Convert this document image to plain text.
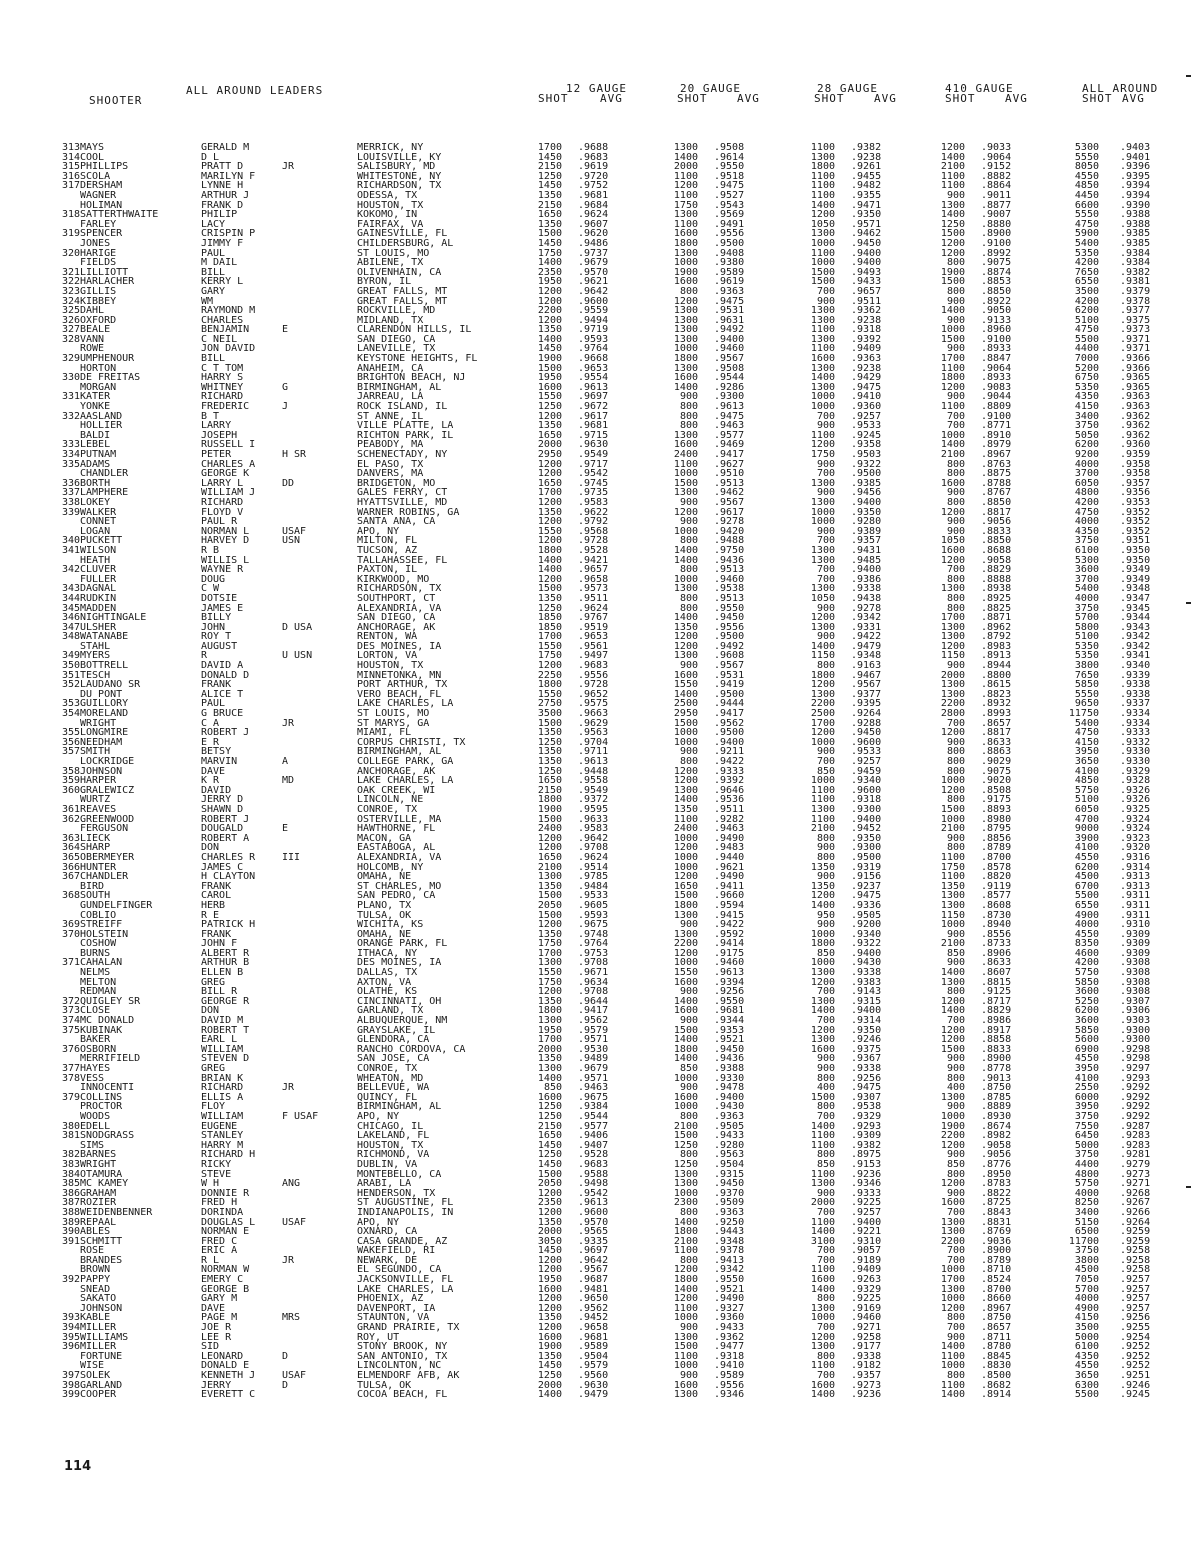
ALL AROUND LEADERS
SHOOTER
12 GAUGE
SHOT	AVG
20 GAUGE
SHOT	AVG
28 GAUGE
SHOT	AVG
410 GAUGE
SHOT	AVG
ALL AROUND
SHOT AVG
313 MAYS	GERALD M	MERRICK, NY	1700 .9688	1300 .9508	1100 .9382	1200 .9033	5300 .9403
314 COOL	D L	LOUISVILLE, KY	1450 .9683	1400 .9614	1300 .9238	1400 .9064	5550 .9401
315 PHILLIPS	PRATT D	JR	SALISBURY, MD	2150 .9619	2000 .9550	1800 .9261	2100 .9152	8050 .9396
316 SCOLA	MARILYN F	WHITESTONE, NY	1250 .9720	1100 .9518	1100 .9455	1100 .8882	4550 .9395
317 DERSHAM	LYNNE H	RICHARDSON, TX	1450 .9752	1200 .9475	1100 .9482	1100 .8864	4850 .9394
WAGNER	ARTHUR J	ODESSA, TX	1350 .9681	1100 .9527	1100 .9355	900 .9011	4450 .9394
HOLIMAN	FRANK D	HOUSTON, TX	2150 .9684	1750 .9543	1400 .9471	1300 .8877	6600 .9390
318 SATTERTHWAITE	PHILIP	KOKOMO, IN	1650 .9624	1300 .9569	1200 .9350	1400 .9007	5550 .9388
FARLEY	LACY	FAIRFAX, VA	1350 .9607	1100 .9491	1050 .9571	1250 .8880	4750 .9388
319 SPENCER	CRISPIN P	GAINESVILLE, FL	1500 .9620	1600 .9556	1300 .9462	1500 .8900	5900 .9385
JONES	JIMMY F	CHILDERSBURG, AL	1450 .9486	1800 .9500	1000 .9450	1200 .9100	5400 .9385
320 HARIGE	PAUL	ST LOUIS, MO	1750 .9737	1300 .9408	1100 .9400	1200 .8992	5350 .9384
FIELDS	M DAIL	ABILENE, TX	1400 .9679	1000 .9380	1000 .9400	800 .9075	4200 .9384
321 LILLIOTT	BILL	OLIVENHAIN, CA	2350 .9570	1900 .9589	1500 .9493	1900 .8874	7650 .9382
322 HARLACHER	KERRY L	BYRON, IL	1950 .9621	1600 .9619	1500 .9433	1500 .8853	6550 .9381
323 GILLIS	GARY	GREAT FALLS, MT	1200 .9642	800 .9363	700 .9657	800 .8850	3500 .9379
324 KIBBEY	WM	GREAT FALLS, MT	1200 .9600	1200 .9475	900 .9511	900 .8922	4200 .9378
325 DAHL	RAYMOND M	ROCKVILLE, MD	2200 .9559	1300 .9531	1300 .9362	1400 .9050	6200 .9377
326 OXFORD	CHARLES	MIDLAND, TX	1200 .9494	1300 .9631	1300 .9238	900 .9133	5100 .9375
327 BEALE	BENJAMIN	E	CLARENDON HILLS, IL	1350 .9719	1300 .9492	1100 .9318	1000 .8960	4750 .9373
328 VANN	C NEIL	SAN DIEGO, CA	1400 .9593	1300 .9400	1300 .9392	1500 .9100	5500 .9371
ROWE	JON DAVID	LANEVILLE, TX	1450 .9764	1000 .9460	1100 .9409	900 .8933	4400 .9371
329 UMPHENOUR	BILL	KEYSTONE HEIGHTS, FL	1900 .9668	1800 .9567	1600 .9363	1700 .8847	7000 .9366
HORTON	C T TOM	ANAHEIM, CA	1500 .9653	1300 .9508	1300 .9238	1100 .9064	5200 .9366
330 DE FREITAS	HARRY S	BRIGHTON BEACH, NJ	1950 .9554	1600 .9544	1400 .9429	1800 .8933	6750 .9365
MORGAN	WHITNEY	G	BIRMINGHAM, AL	1600 .9613	1400 .9286	1300 .9475	1200 .9083	5350 .9365
331 KATER	RICHARD	JARREAU, LA	1550 .9697	900 .9300	1000 .9410	900 .9044	4350 .9363
YONKE	FREDERIC	J	ROCK ISLAND, IL	1250 .9672	800 .9613	1000 .9360	1100 .8809	4150 .9363
332 AASLAND	B T	ST ANNE, IL	1200 .9617	800 .9475	700 .9257	700 .9100	3400 .9362
HOLLIER	LARRY	VILLE PLATTE, LA	1350 .9681	800 .9463	900 .9533	700 .8771	3750 .9362
BALDI	JOSEPH	RICHTON PARK, IL	1650 .9715	1300 .9577	1100 .9245	1000 .8910	5050 .9362
333 LEBEL	RUSSELL I	PEABODY, MA	2000 .9630	1600 .9469	1200 .9358	1400 .8979	6200 .9360
334 PUTNAM	PETER	H SR	SCHENECTADY, NY	2950 .9549	2400 .9417	1750 .9503	2100 .8967	9200 .9359
335 ADAMS	CHARLES A	EL PASO, TX	1200 .9717	1100 .9627	900 .9322	800 .8763	4000 .9358
CHANDLER	GEORGE K	DANVERS, MA	1200 .9542	1000 .9510	700 .9500	800 .8875	3700 .9358
336 BORTH	LARRY L	DD	BRIDGETON, MO	1650 .9745	1500 .9513	1300 .9385	1600 .8788	6050 .9357
337 LAMPHERE	WILLIAM J	GALES FERRY, CT	1700 .9735	1300 .9462	900 .9456	900 .8767	4800 .9356
338 LOKEY	RICHARD	HYATTSVILLE, MD	1200 .9583	900 .9567	1300 .9400	800 .8850	4200 .9353
339 WALKER	FLOYD V	WARNER ROBINS, GA	1350 .9622	1200 .9617	1000 .9350	1200 .8817	4750 .9352
CONNET	PAUL R	SANTA ANA, CA	1200 .9792	900 .9278	1000 .9280	900 .9056	4000 .9352
LOGAN	NORMAN L	USAF	APO, NY	1550 .9568	1000 .9420	900 .9389	900 .8833	4350 .9352
340 PUCKETT	HARVEY D	USN	MILTON, FL	1200 .9728	800 .9488	700 .9357	1050 .8850	3750 .9351
341 WILSON	R B	TUCSON, AZ	1800 .9528	1400 .9750	1300 .9431	1600 .8688	6100 .9350
HEATH	WILLIS L	TALLAHASSEE, FL	1400 .9421	1400 .9436	1300 .9485	1200 .9058	5300 .9350
342 CLUVER	WAYNE R	PAXTON, IL	1400 .9657	800 .9513	700 .9400	700 .8829	3600 .9349
FULLER	DOUG	KIRKWOOD, MO	1200 .9658	1000 .9460	700 .9386	800 .8888	3700 .9349
343 DAGNAL	C W	RICHARDSON, TX	1500 .9573	1300 .9538	1300 .9338	1300 .8938	5400 .9348
344 RUDKIN	DOTSIE	SOUTHPORT, CT	1350 .9511	800 .9513	1050 .9438	800 .8925	4000 .9347
345 MADDEN	JAMES E	ALEXANDRIA, VA	1250 .9624	800 .9550	900 .9278	800 .8825	3750 .9345
346 NIGHTINGALE	BILLY	SAN DIEGO, CA	1850 .9767	1400 .9450	1200 .9342	1700 .8871	5700 .9344
347 ULSHER	JOHN	D USA	ANCHORAGE, AK	1850 .9519	1350 .9556	1300 .9331	1300 .8962	5800 .9343
348 WATANABE	ROY T	RENTON, WA	1700 .9653	1200 .9500	900 .9422	1300 .8792	5100 .9342
STAHL	AUGUST	DES MOINES, IA	1550 .9561	1200 .9492	1400 .9479	1200 .8983	5350 .9342
349 MYERS	R	U USN	LORTON, VA	1750 .9497	1300 .9608	1150 .9348	1150 .8913	5350 .9341
350 BOTTRELL	DAVID A	HOUSTON, TX	1200 .9683	900 .9567	800 .9163	900 .8944	3800 .9340
351 TESCH	DONALD D	MINNETONKA, MN	2250 .9556	1600 .9531	1800 .9467	2000 .8800	7650 .9339
352 LAUDANO SR	FRANK	PORT ARTHUR, TX	1800 .9728	1550 .9419	1200 .9567	1300 .8615	5850 .9338
DU PONT	ALICE T	VERO BEACH, FL	1550 .9652	1400 .9500	1300 .9377	1300 .8823	5550 .9338
353 GUILLORY	PAUL	LAKE CHARLES, LA	2750 .9575	2500 .9444	2200 .9395	2200 .8932	9650 .9337
354 MORELAND	G BRUCE	ST LOUIS, MO	3500 .9663	2950 .9417	2500 .9264	2800 .8993	11750 .9334
WRIGHT	C A	JR	ST MARYS, GA	1500 .9629	1500 .9562	1700 .9288	700 .8657	5400 .9334
355 LONGMIRE	ROBERT J	MIAMI, FL	1350 .9563	1000 .9500	1200 .9450	1200 .8817	4750 .9333
356 NEEDHAM	E R	CORPUS CHRISTI, TX	1250 .9704	1000 .9400	1000 .9600	900 .8633	4150 .9332
357 SMITH	BETSY	BIRMINGHAM, AL	1350 .9711	900 .9211	900 .9533	800 .8863	3950 .9330
LOCKRIDGE	MARVIN	A	COLLEGE PARK, GA	1350 .9613	800 .9422	700 .9257	800 .9029	3650 .9330
358 JOHNSON	DAVE	ANCHORAGE, AK	1250 .9448	1200 .9333	850 .9459	800 .9075	4100 .9329
359 HARPER	K R	MD	LAKE CHARLES, LA	1650 .9558	1200 .9392	1000 .9340	1000 .9020	4850 .9328
360 GRALEWICZ	DAVID	OAK CREEK, WI	2150 .9549	1300 .9646	1100 .9600	1200 .8508	5750 .9326
WURTZ	JERRY D	LINCOLN, NE	1800 .9372	1400 .9536	1100 .9318	800 .9175	5100 .9326
361 REAVES	SHAWN D	CONROE, TX	1900 .9595	1350 .9511	1300 .9300	1500 .8893	6050 .9325
362 GREENWOOD	ROBERT J	OSTERVILLE, MA	1500 .9633	1100 .9282	1100 .9400	1000 .8980	4700 .9324
FERGUSON	DOUGALD	E	HAWTHORNE, FL	2400 .9583	2400 .9463	2100 .9452	2100 .8795	9000 .9324
363 LIECK	ROBERT A	MACON, GA	1200 .9642	1000 .9490	800 .9350	900 .8856	3900 .9323
364 SHARP	DON	EASTABOGA, AL	1200 .9708	1200 .9483	900 .9300	800 .8789	4100 .9320
365 OBERMEYER	CHARLES R	III	ALEXANDRIA, VA	1650 .9624	1000 .9440	800 .9500	1100 .8700	4550 .9316
366 HUNTER	JAMES C	HOLCOMB, NY	2100 .9514	1000 .9621	1350 .9319	1750 .8578	6200 .9314
367 CHANDLER	H CLAYTON	OMAHA, NE	1300 .9785	1200 .9490	900 .9156	1100 .8820	4500 .9313
BIRD	FRANK	ST CHARLES, MO	1350 .9484	1650 .9411	1350 .9237	1350 .9119	6700 .9313
368 SOUTH	CAROL	SAN PEDRO, CA	1500 .9533	1500 .9660	1200 .9475	1300 .8577	5500 .9311
GUNDELFINGER	HERB	PLANO, TX	2050 .9605	1800 .9594	1400 .9336	1300 .8608	6550 .9311
COBLIO	R E	TULSA, OK	1500 .9593	1300 .9415	950 .9505	1150 .8730	4900 .9311
369 STREIFF	PATRICK H	WICHITA, KS	1200 .9675	900 .9422	900 .9200	1000 .8940	4000 .9310
370 HOLSTEIN	FRANK	OMAHA, NE	1350 .9748	1300 .9592	1000 .9340	900 .8556	4550 .9309
COSHOW	JOHN F	ORANGE PARK, FL	1750 .9764	2200 .9414	1800 .9322	2100 .8733	8350 .9309
BURNS	ALBERT R	ITHACA, NY	1700 .9753	1200 .9175	850 .9400	850 .8906	4600 .9309
371 CAHALAN	ARTHUR B	DES MOINES, IA	1300 .9708	1000 .9460	1000 .9430	900 .8633	4200 .9308
NELMS	ELLEN B	DALLAS, TX	1550 .9671	1550 .9613	1300 .9338	1400 .8607	5750 .9308
MELTON	GREG	AXTON, VA	1750 .9634	1600 .9394	1200 .9383	1300 .8815	5850 .9308
REDMAN	BILL R	OLATHE, KS	1200 .9708	900 .9256	700 .9143	800 .9125	3600 .9308
372 QUIGLEY SR	GEORGE R	CINCINNATI, OH	1350 .9644	1400 .9550	1300 .9315	1200 .8717	5250 .9307
373 CLOSE	DON	GARLAND, TX	1800 .9417	1600 .9681	1400 .9400	1400 .8829	6200 .9306
374 MC DONALD	DAVID M	ALBUQUERQUE, NM	1300 .9562	900 .9344	700 .9314	700 .8986	3600 .9303
375 KUBINAK	ROBERT T	GRAYSLAKE, IL	1950 .9579	1500 .9353	1200 .9350	1200 .8917	5850 .9300
BAKER	EARL L	GLENDORA, CA	1700 .9571	1400 .9521	1300 .9246	1200 .8858	5600 .9300
376 OSBORN	WILLIAM	RANCHO CORDOVA, CA	2000 .9530	1800 .9450	1600 .9375	1500 .8833	6900 .9298
MERRIFIELD	STEVEN D	SAN JOSE, CA	1350 .9489	1400 .9436	900 .9367	900 .8900	4550 .9298
377 HAYES	GREG	CONROE, TX	1300 .9679	850 .9388	900 .9338	900 .8778	3950 .9297
378 VESS	BRIAN K	WHEATON, MD	1400 .9571	1000 .9330	800 .9256	800 .9013	4100 .9293
INNOCENTI	RICHARD	JR	BELLEVUE, WA	850 .9463	900 .9478	400 .9475	400 .8750	2550 .9292
379 COLLINS	ELLIS A	QUINCY, FL	1600 .9675	1600 .9400	1500 .9307	1300 .8785	6000 .9292
PROCTOR	FLOY	BIRMINGHAM, AL	1250 .9384	1000 .9430	800 .9538	900 .8889	3950 .9292
WOODS	WILLIAM	F USAF	APO, NY	1250 .9544	800 .9363	700 .9329	1000 .8930	3750 .9292
380 EDELL	EUGENE	CHICAGO, IL	2150 .9577	2100 .9505	1400 .9293	1900 .8674	7550 .9287
381 SNODGRASS	STANLEY	LAKELAND, FL	1650 .9406	1500 .9433	1100 .9309	2200 .8982	6450 .9283
SIMS	HARRY M	HOUSTON, TX	1450 .9407	1250 .9280	1100 .9382	1200 .9058	5000 .9283
382 BARNES	RICHARD H	RICHMOND, VA	1250 .9528	800 .9563	800 .8975	900 .9056	3750 .9281
383 WRIGHT	RICKY	DUBLIN, VA	1450 .9683	1250 .9504	850 .9153	850 .8776	4400 .9279
384 OTAMURA	STEVE	MONTEBELLO, CA	1500 .9588	1300 .9315	1100 .9236	800 .8950	4800 .9273
385 MC KAMEY	W H	ANG	ARABI, LA	2050 .9498	1300 .9450	1300 .9346	1200 .8783	5750 .9271
386 GRAHAM	DONNIE R	HENDERSON, TX	1200 .9542	1000 .9370	900 .9333	900 .8822	4000 .9268
387 ROZIER	FRED H	ST AUGUSTINE, FL	2350 .9613	2300 .9509	2000 .9225	1600 .8725	8250 .9267
388 WEIDENBENNER	DORINDA	INDIANAPOLIS, IN	1200 .9600	800 .9363	700 .9257	700 .8843	3400 .9266
389 REPAAL	DOUGLAS L	USAF	APO, NY	1350 .9570	1400 .9250	1100 .9400	1300 .8831	5150 .9264
390 ABLES	NORMAN E	OXNARD, CA	2000 .9565	1800 .9443	1400 .9221	1300 .8769	6500 .9259
391 SCHMITT	FRED C	CASA GRANDE, AZ	3050 .9335	2100 .9348	3100 .9310	2200 .9036	11700 .9259
ROSE	ERIC A	WAKEFIELD, RI	1450 .9697	1100 .9378	700 .9057	700 .8900	3750 .9258
BRANDES	R L	JR	NEWARK, DE	1200 .9642	800 .9413	700 .9189	700 .8789	3800 .9258
BROWN	NORMAN W	EL SEGUNDO, CA	1200 .9567	1200 .9342	1100 .9409	1000 .8710	4500 .9258
392 PAPPY	EMERY C	JACKSONVILLE, FL	1950 .9687	1800 .9550	1600 .9263	1700 .8524	7050 .9257
SNEAD	GEORGE B	LAKE CHARLES, LA	1600 .9481	1400 .9521	1400 .9329	1300 .8700	5700 .9257
SAKATO	GARY M	PHOENIX, AZ	1200 .9650	1200 .9490	800 .9225	1000 .8660	4000 .9257
JOHNSON	DAVE	DAVENPORT, IA	1200 .9562	1100 .9327	1300 .9169	1200 .8967	4900 .9257
393 KABLE	PAGE M	MRS	STAUNTON, VA	1350 .9452	1000 .9360	1000 .9460	800 .8750	4150 .9256
394 MILLER	JOE R	GRAND PRAIRIE, TX	1200 .9658	900 .9433	700 .9271	700 .8657	3500 .9255
395 WILLIAMS	LEE R	ROY, UT	1600 .9681	1300 .9362	1200 .9258	900 .8711	5000 .9254
396 MILLER	SID	STONY BROOK, NY	1900 .9589	1500 .9477	1300 .9177	1400 .8780	6100 .9252
FORTUNE	LEONARD	D	SAN ANTONIO, TX	1350 .9504	1100 .9318	800 .9338	1100 .8845	4350 .9252
WISE	DONALD E	LINCOLNTON, NC	1450 .9579	1000 .9410	1100 .9182	1000 .8830	4550 .9252
397 SOLEK	KENNETH J	USAF	ELMENDORF AFB, AK	1250 .9560	900 .9589	700 .9357	800 .8500	3650 .9251
398 GARLAND	JERRY	D	TULSA, OK	2000 .9630	1600 .9556	1600 .9273	1100 .8682	6300 .9246
399 COOPER	EVERETT C	COCOA BEACH, FL	1400 .9479	1300 .9346	1400 .9236	1400 .8914	5500 .9245
114
